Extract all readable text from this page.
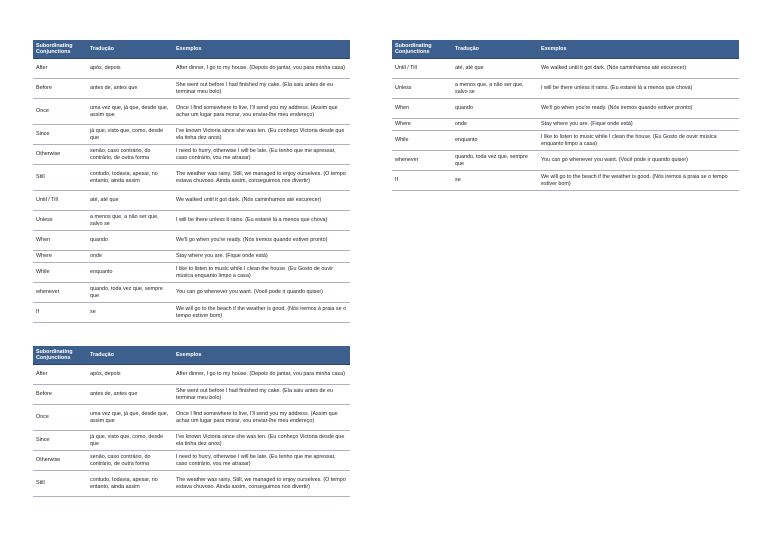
Subordinating Conjunctions	Tradução	Exemplos
After	após, depois	After dinner, I go to my house. (Depois do jantar, vou para minha casa)
Before	antes de, antes que	She went out before I had finished my cake. (Ela saiu antes de eu terminar meu bolo)
Once	uma vez que, já que, desde que, assim que	Once I find somewhere to live, I'll send you my address. (Assim que achar um lugar para morar, vou enviar-lhe meu endereço)
Since	já que, visto que, como, desde que	I've known Victoria since she was ten. (Eu conheço Victoria desde que ela tinha dez anos)
Otherwise	senão, caso contrário, do contrário, de outra forma	I need to hurry, otherwise I will be late. (Eu tenho que me apressar, caso contrário, vou me atrasar)
Still	contudo, todavia, apesar, no entanto, ainda assim	The weather was rainy. Still, we managed to enjoy ourselves. (O tempo estava chuvoso. Ainda assim, conseguimos nos divertir)
Until / Till	até, até que	We walked until it got dark. (Nós caminhamos até escurecer)
Unless	a menos que, a não ser que, salvo se	I will be there unless it rains. (Eu estarei lá a menos que chova)
When	quando	We'll go when you're ready. (Nós iremos quando estiver pronto)
Where	onde	Stay where you are. (Fique onde está)
While	enquanto	I like to listen to music while I clean the house. (Eu Gosto de ouvir música enquanto limpo a casa)
whenever	quando, toda vez que, sempre que	You can go whenever you want. (Você pode ir quando quiser)
If	se	We will go to the beach if the weather is good. (Nós iremos à praia se o tempo estiver bom)
Subordinating Conjunctions	Tradução	Exemplos
After	após, depois	After dinner, I go to my house. (Depois do jantar, vou para minha casa)
Before	antes de, antes que	She went out before I had finished my cake. (Ela saiu antes de eu terminar meu bolo)
Once	uma vez que, já que, desde que, assim que	Once I find somewhere to live, I'll send you my address. (Assim que achar um lugar para morar, vou enviar-lhe meu endereço)
Since	já que, visto que, como, desde que	I've known Victoria since she was ten. (Eu conheço Victoria desde que ela tinha dez anos)
Otherwise	senão, caso contrário, do contrário, de outra forma	I need to hurry, otherwise I will be late. (Eu tenho que me apressar, caso contrário, vou me atrasar)
Still	contudo, todavia, apesar, no entanto, ainda assim	The weather was rainy. Still, we managed to enjoy ourselves. (O tempo estava chuvoso. Ainda assim, conseguimos nos divertir)
Subordinating Conjunctions	Tradução	Exemplos
Until / Till	até, até que	We walked until it got dark. (Nós caminhamos até escurecer)
Unless	a menos que, a não ser que, salvo se	I will be there unless it rains. (Eu estarei lá a menos que chova)
When	quando	We'll go when you're ready. (Nós iremos quando estiver pronto)
Where	onde	Stay where you are. (Fique onde está)
While	enquanto	I like to listen to music while I clean the house. (Eu Gosto de ouvir música enquanto limpo a casa)
whenever	quando, toda vez que, sempre que	You can go whenever you want. (Você pode ir quando quiser)
If	se	We will go to the beach if the weather is good. (Nós iremos à praia se o tempo estiver bom)
